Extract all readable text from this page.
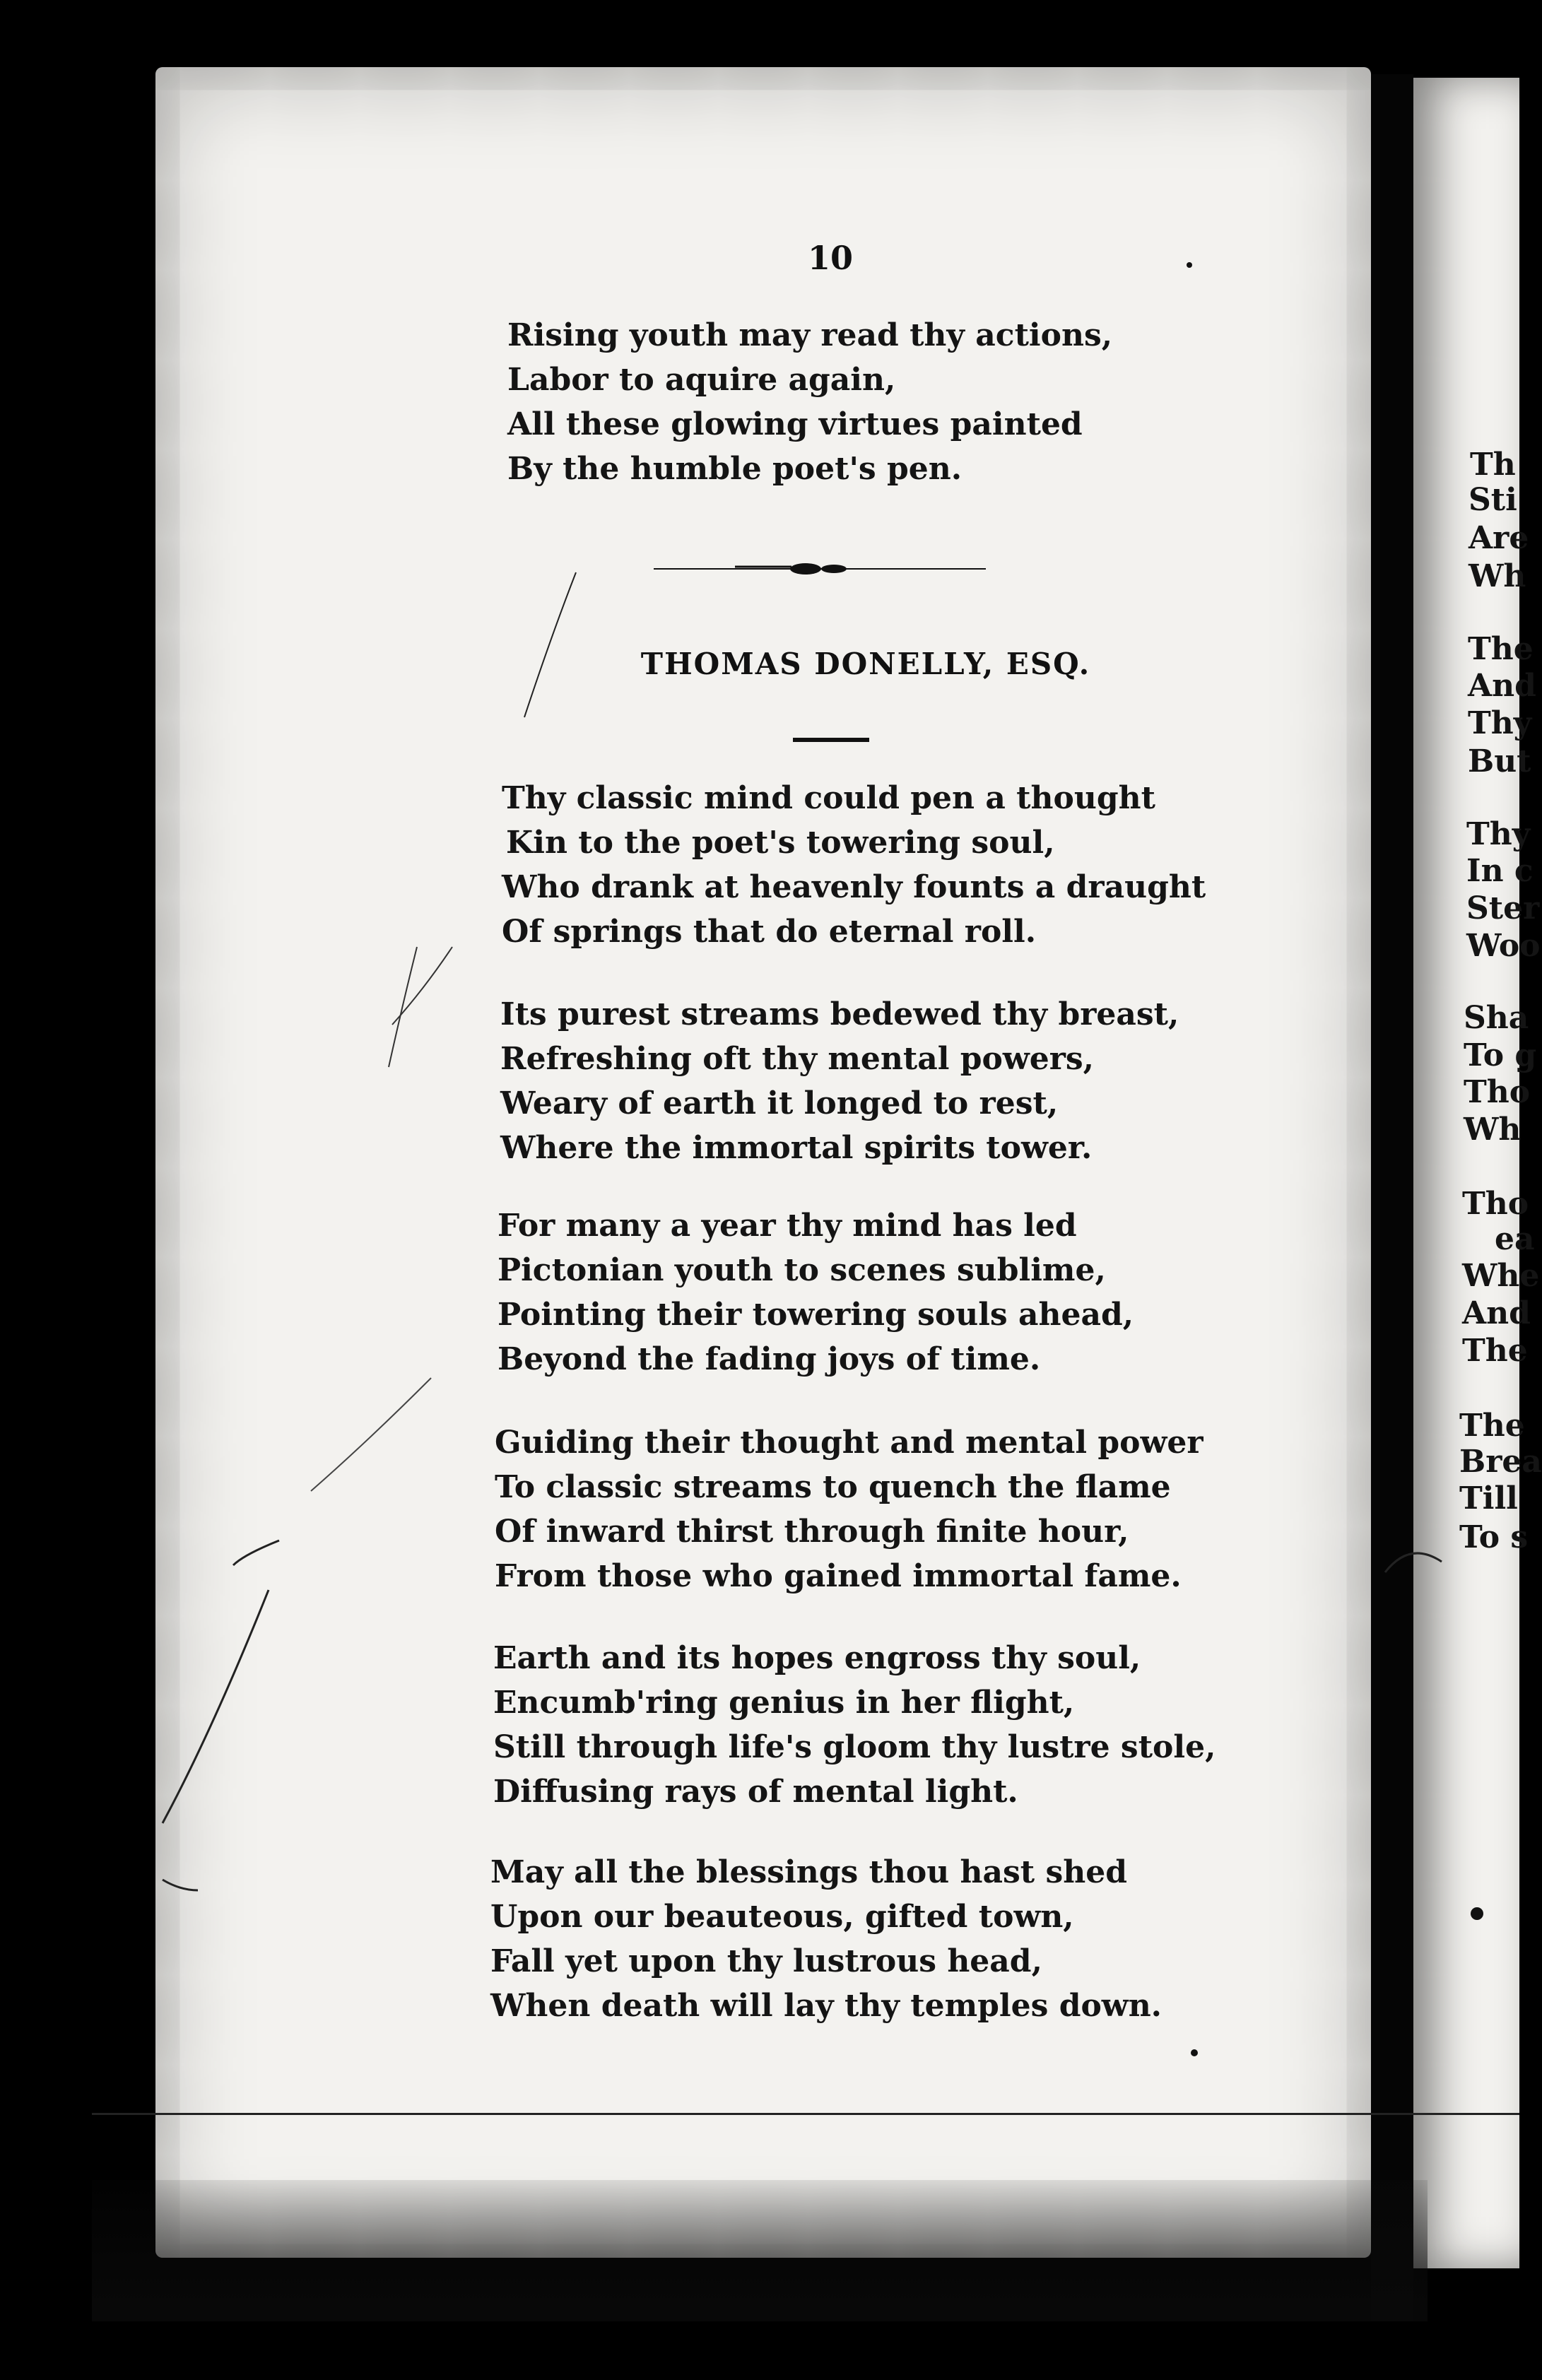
10
Rising youth may read thy actions,
Labor to aquire again,
All these glowing virtues painted
By the humble poet's pen.
THOMAS DONELLY, ESQ.
Thy classic mind could pen a thought
Kin to the poet's towering soul,
Who drank at heavenly founts a draught
Of springs that do eternal roll.
Its purest streams bedewed thy breast,
Refreshing oft thy mental powers,
Weary of earth it longed to rest,
Where the immortal spirits tower.
For many a year thy mind has led
Pictonian youth to scenes sublime,
Pointing their towering souls ahead,
Beyond the fading joys of time.
Guiding their thought and mental power
To classic streams to quench the flame
Of inward thirst through finite hour,
From those who gained immortal fame.
Earth and its hopes engross thy soul,
Encumb'ring genius in her flight,
Still through life's gloom thy lustre stole,
Diffusing rays of mental light.
May all the blessings thou hast shed
Upon our beauteous, gifted town,
Fall yet upon thy lustrous head,
When death will lay thy temples down.
Th
Sti
Are
Wh
The
And
Thy
But
Thy
In c
Ster
Woo
Sha
To g
Tho
Wh
Tho
ea
Whe
And
The
The
Brea
Till
To s
